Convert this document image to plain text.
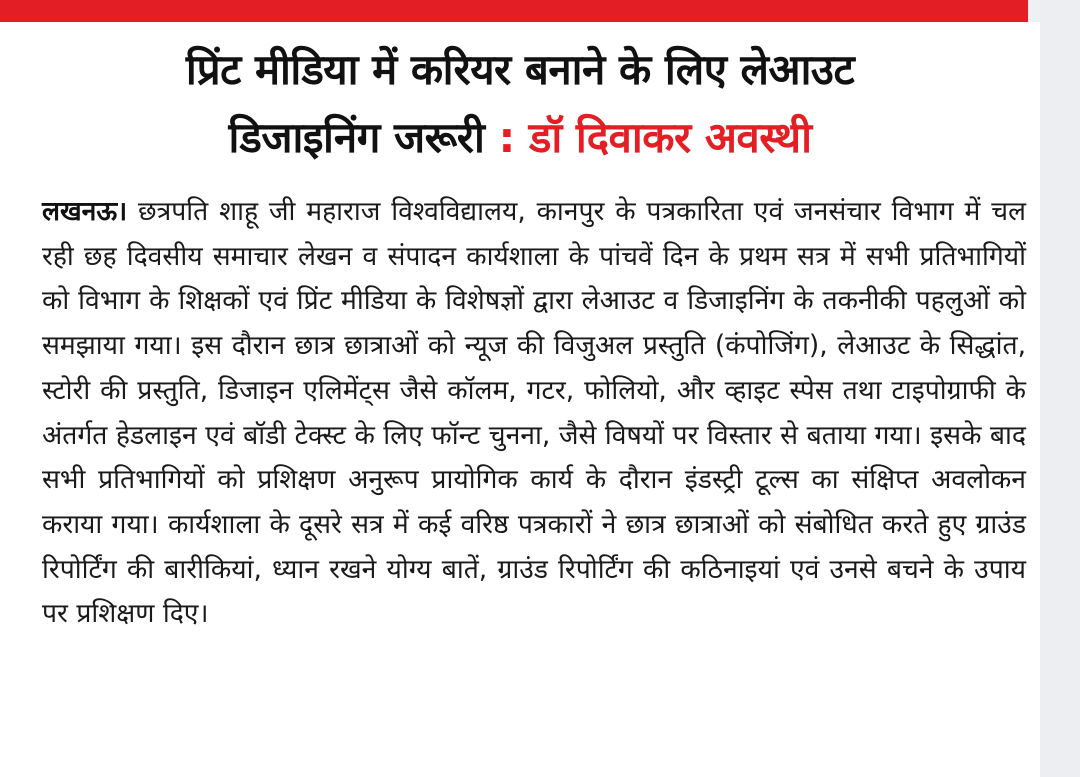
प्रिंट मीडिया में करियर बनाने के लिए लेआउट
डिजाइनिंग जरूरी : डॉ दिवाकर अवस्थी
लखनऊ। छत्रपति शाहू जी महाराज विश्वविद्यालय, कानपुर के पत्रकारिता एवं जनसंचार विभाग में चल रही छह दिवसीय समाचार लेखन व संपादन कार्यशाला के पांचवें दिन के प्रथम सत्र में सभी प्रतिभागियों को विभाग के शिक्षकों एवं प्रिंट मीडिया के विशेषज्ञों द्वारा लेआउट व डिजाइनिंग के तकनीकी पहलुओं को समझाया गया। इस दौरान छात्र छात्राओं को न्यूज की विजुअल प्रस्तुति (कंपोजिंग), लेआउट के सिद्धांत, स्टोरी की प्रस्तुति, डिजाइन एलिमेंट्स जैसे कॉलम, गटर, फोलियो, और व्हाइट स्पेस तथा टाइपोग्राफी के अंतर्गत हेडलाइन एवं बॉडी टेक्स्ट के लिए फॉन्ट चुनना, जैसे विषयों पर विस्तार से बताया गया। इसके बाद सभी प्रतिभागियों को प्रशिक्षण अनुरूप प्रायोगिक कार्य के दौरान इंडस्ट्री टूल्स का संक्षिप्त अवलोकन कराया गया। कार्यशाला के दूसरे सत्र में कई वरिष्ठ पत्रकारों ने छात्र छात्राओं को संबोधित करते हुए ग्राउंड रिपोर्टिंग की बारीकियां, ध्यान रखने योग्य बातें, ग्राउंड रिपोर्टिंग की कठिनाइयां एवं उनसे बचने के उपाय पर प्रशिक्षण दिए।
